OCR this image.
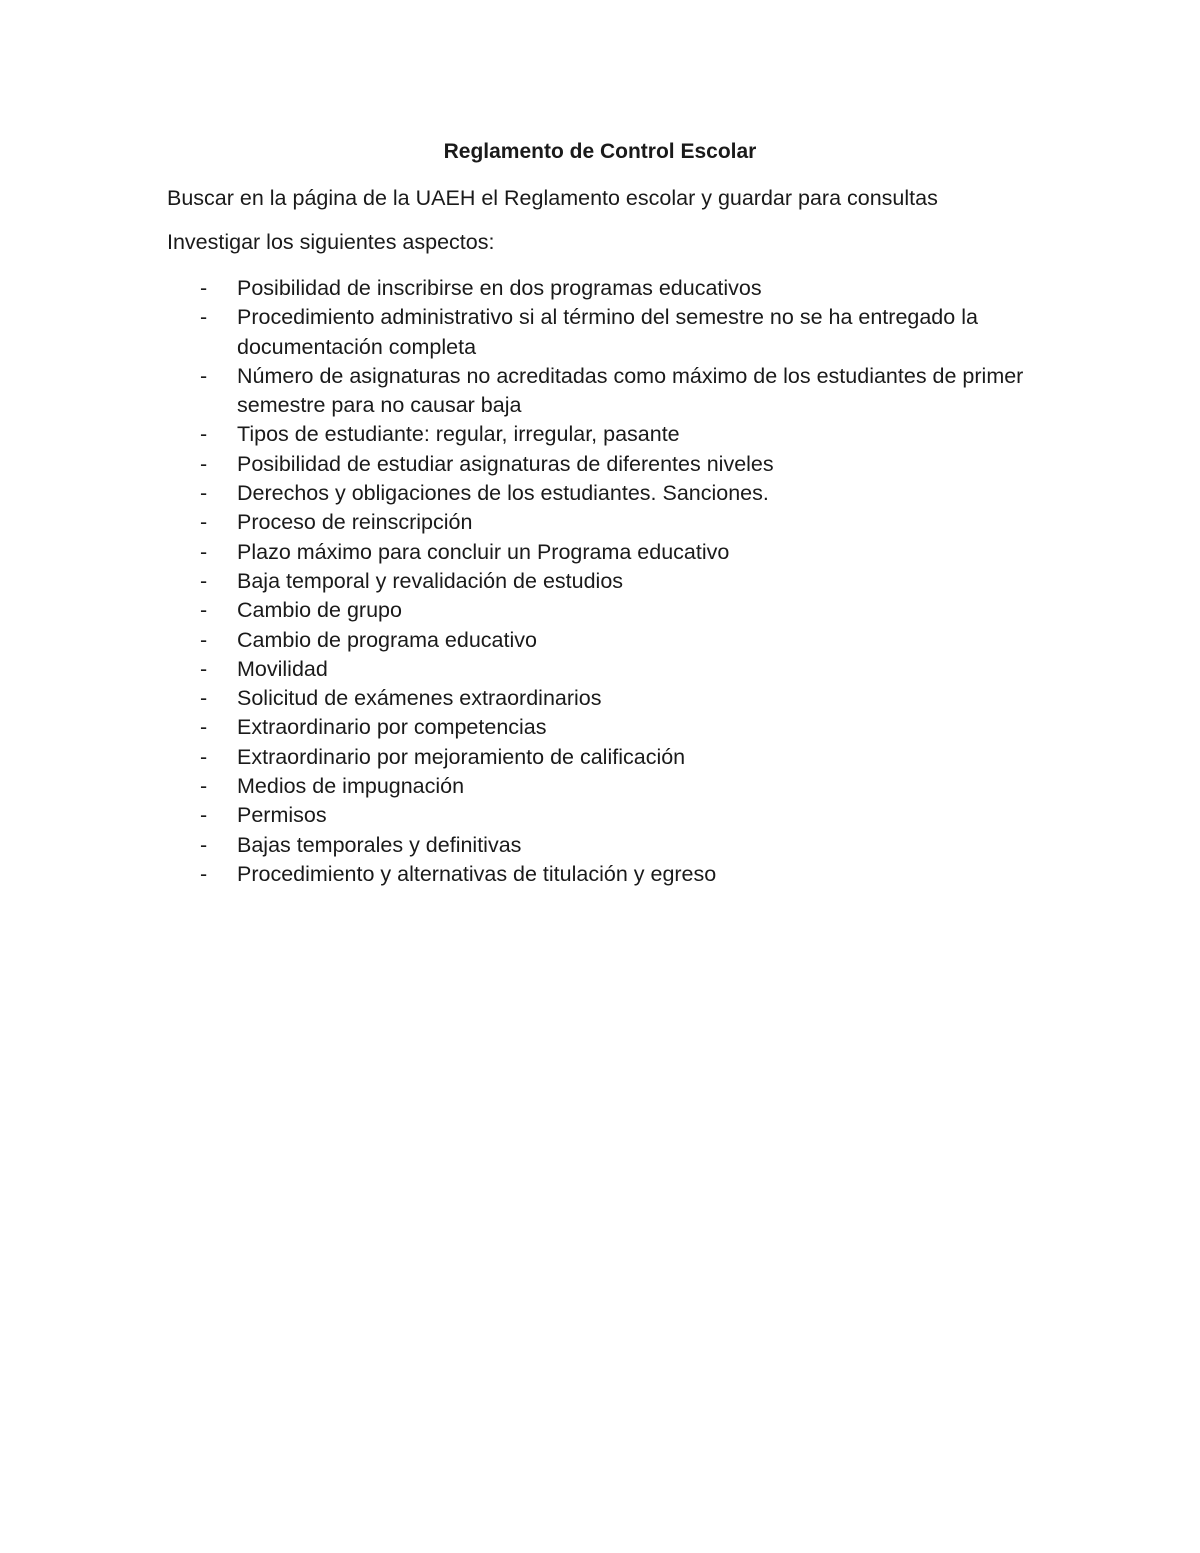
Reglamento de Control Escolar
Buscar en la página de la UAEH el Reglamento escolar y guardar para consultas
Investigar los siguientes aspectos:
- Posibilidad de inscribirse en dos programas educativos
- Procedimiento administrativo si al término del semestre no se ha entregado la documentación completa
- Número de asignaturas no acreditadas como máximo de los estudiantes de primer semestre para no causar baja
- Tipos de estudiante: regular, irregular, pasante
- Posibilidad de estudiar asignaturas de diferentes niveles
- Derechos y obligaciones de los estudiantes. Sanciones.
- Proceso de reinscripción
- Plazo máximo para concluir un Programa educativo
- Baja temporal y revalidación de estudios
- Cambio de grupo
- Cambio de programa educativo
- Movilidad
- Solicitud de exámenes extraordinarios
- Extraordinario por competencias
- Extraordinario por mejoramiento de calificación
- Medios de impugnación
- Permisos
- Bajas temporales y definitivas
- Procedimiento y alternativas de titulación y egreso
